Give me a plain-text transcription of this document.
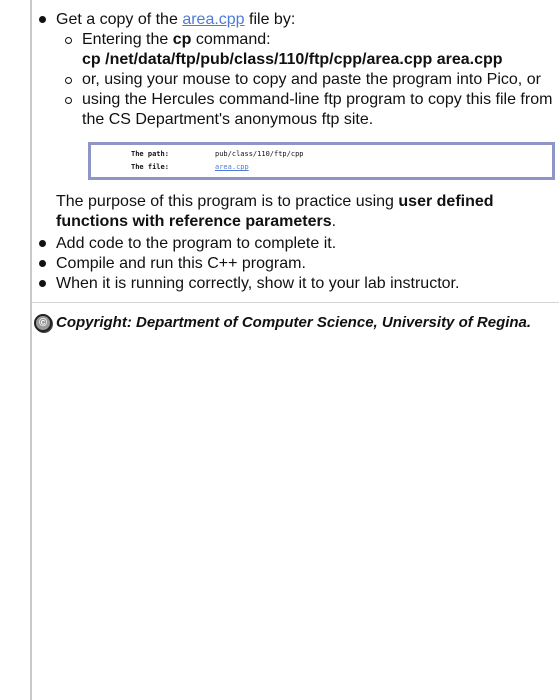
Get a copy of the area.cpp file by:
Entering the cp command:
cp /net/data/ftp/pub/class/110/ftp/cpp/area.cpp area.cpp
or, using your mouse to copy and paste the program into Pico, or
using the Hercules command-line ftp program to copy this file from the CS Department's anonymous ftp site.
The path:	pub/class/110/ftp/cpp
The file:	area.cpp
The purpose of this program is to practice using user defined functions with reference parameters.
Add code to the program to complete it.
Compile and run this C++ program.
When it is running correctly, show it to your lab instructor.
© Copyright: Department of Computer Science, University of Regina.
